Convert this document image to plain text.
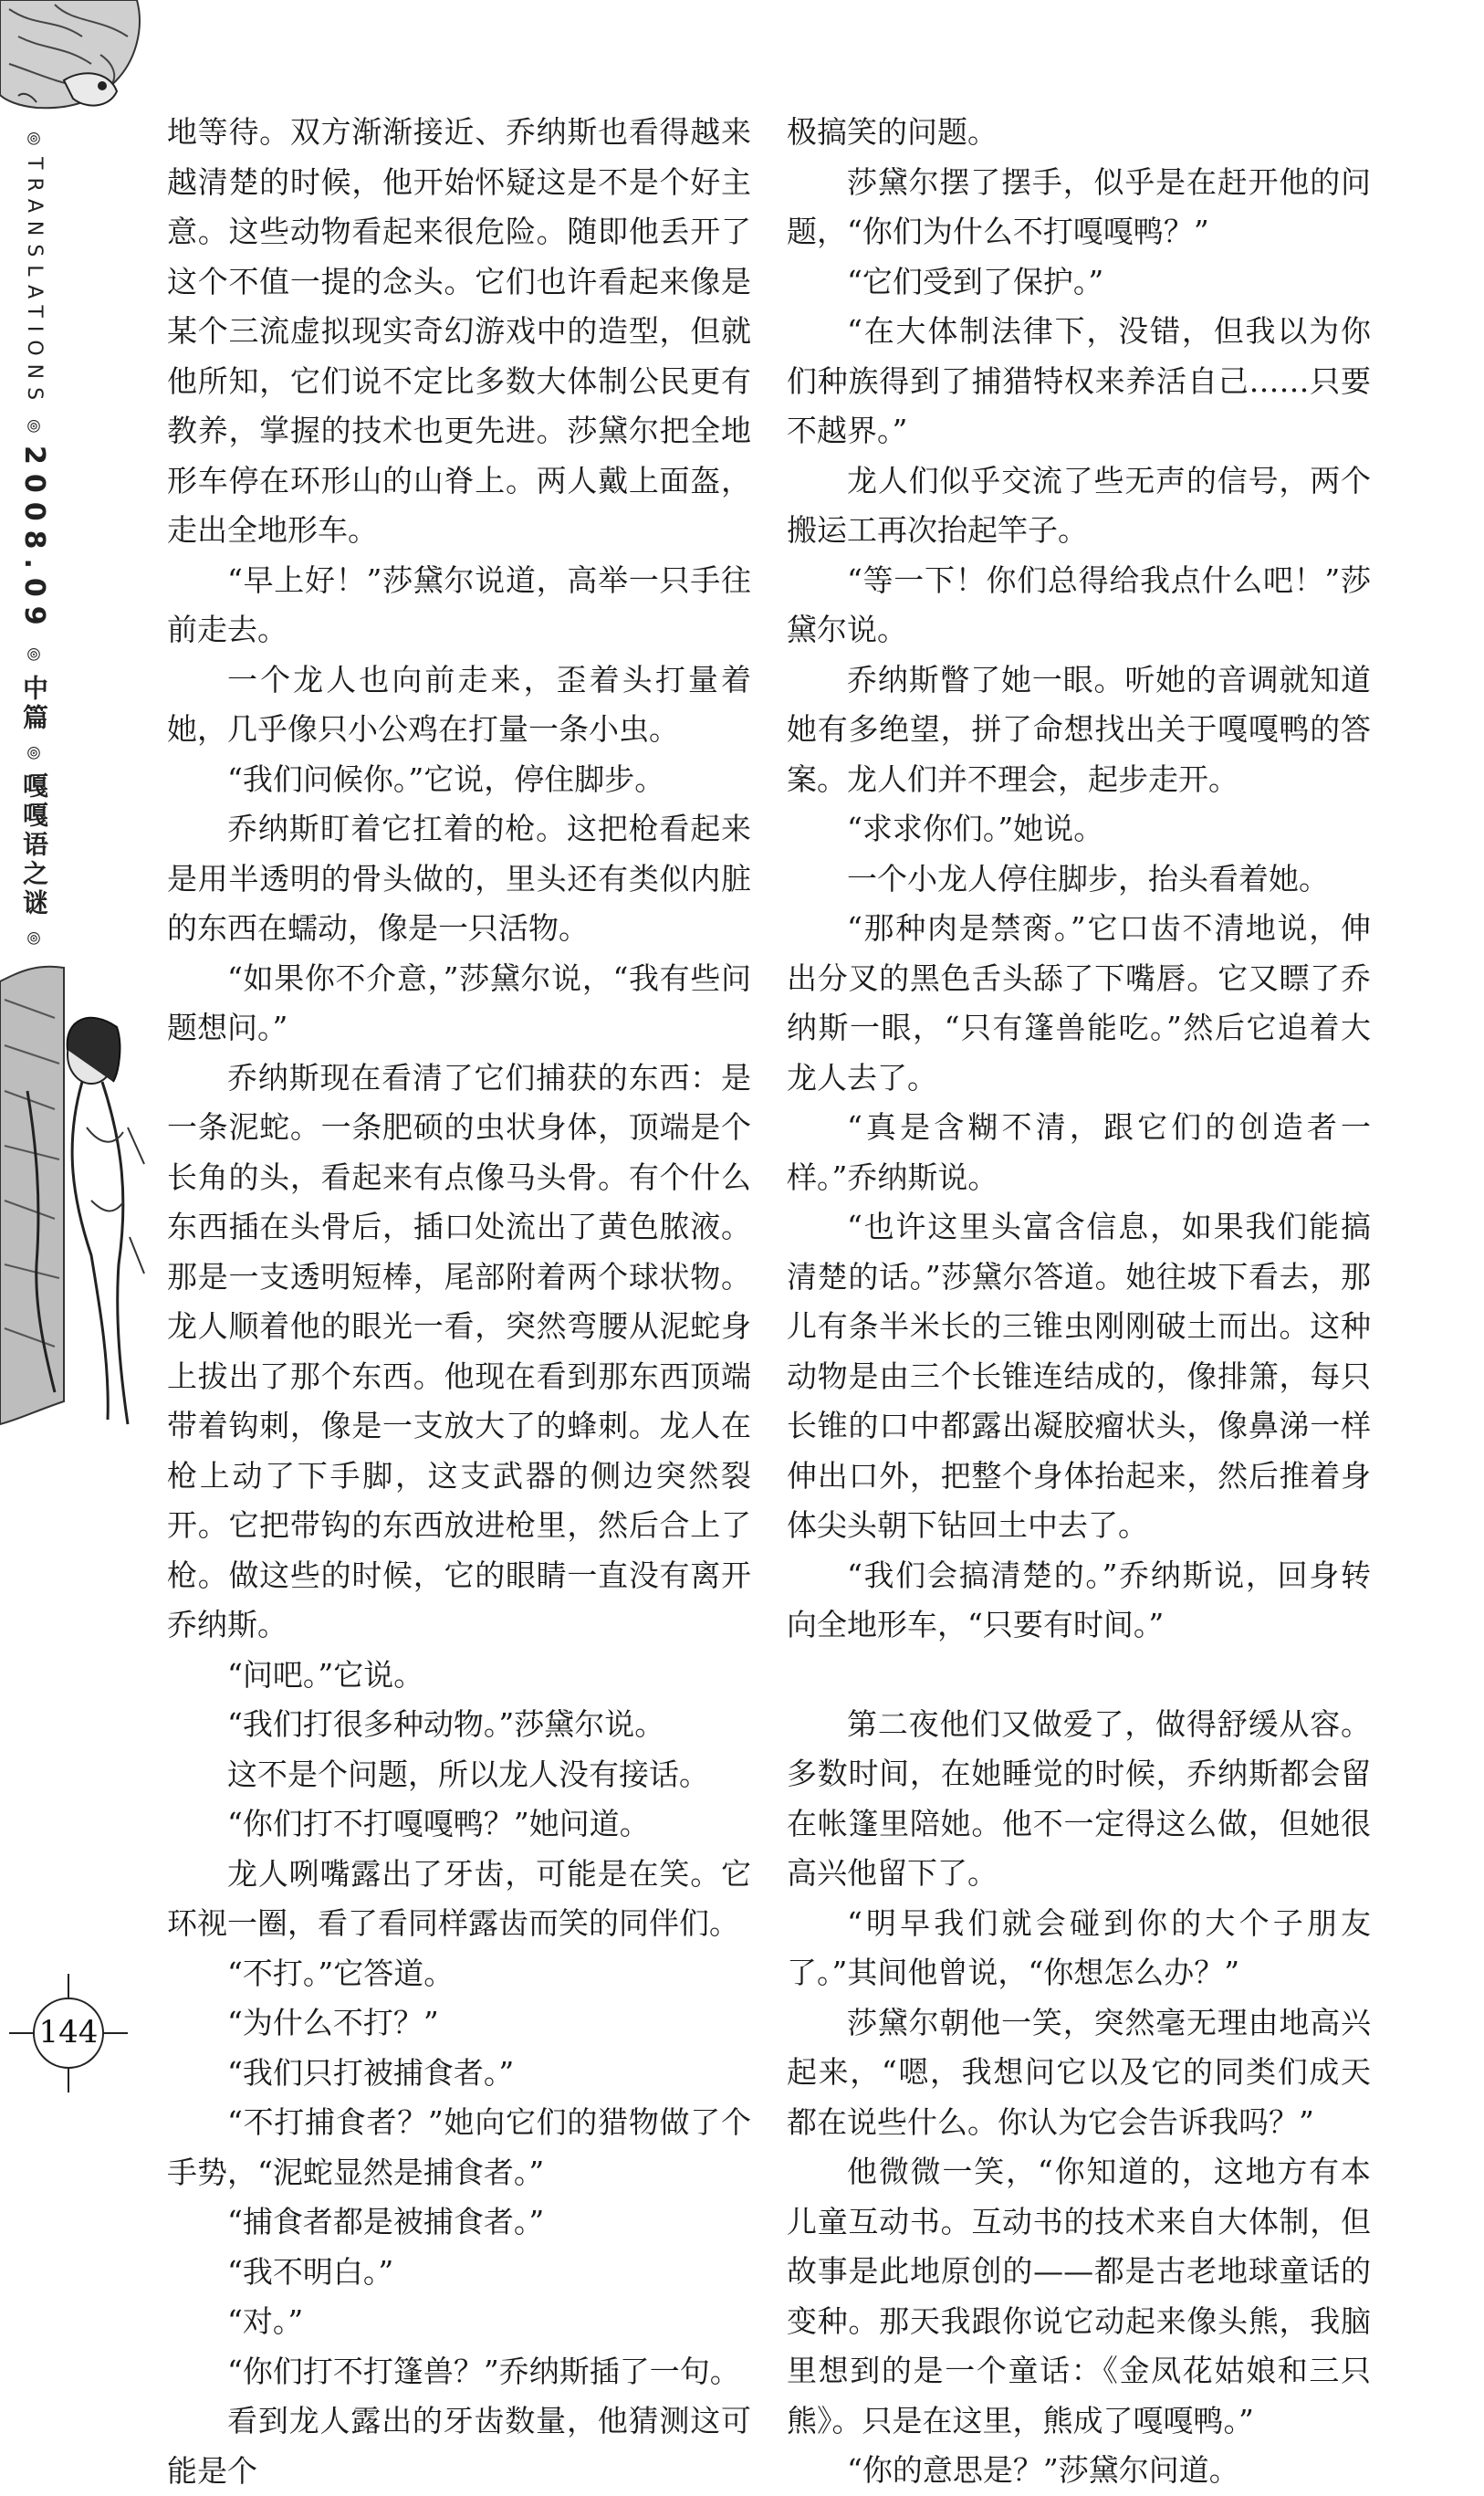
TRANSLATIONS
2008.09
中篇
嘎嘎语之谜

地等待。双方渐渐接近、乔纳斯也看得越来越清楚的时候，他开始怀疑这是不是个好主意。这些动物看起来很危险。随即他丢开了这个不值一提的念头。它们也许看起来像是某个三流虚拟现实奇幻游戏中的造型，但就他所知，它们说不定比多数大体制公民更有教养，掌握的技术也更先进。莎黛尔把全地形车停在环形山的山脊上。两人戴上面盔，走出全地形车。

“早上好！”莎黛尔说道，高举一只手往前走去。

一个龙人也向前走来，歪着头打量着她，几乎像只小公鸡在打量一条小虫。

“我们问候你。”它说，停住脚步。

乔纳斯盯着它扛着的枪。这把枪看起来是用半透明的骨头做的，里头还有类似内脏的东西在蠕动，像是一只活物。

“如果你不介意，”莎黛尔说，“我有些问题想问。”

乔纳斯现在看清了它们捕获的东西：是一条泥蛇。一条肥硕的虫状身体，顶端是个长角的头，看起来有点像马头骨。有个什么东西插在头骨后，插口处流出了黄色脓液。那是一支透明短棒，尾部附着两个球状物。龙人顺着他的眼光一看，突然弯腰从泥蛇身上拔出了那个东西。他现在看到那东西顶端带着钩刺，像是一支放大了的蜂刺。龙人在枪上动了下手脚，这支武器的侧边突然裂开。它把带钩的东西放进枪里，然后合上了枪。做这些的时候，它的眼睛一直没有离开乔纳斯。

“问吧。”它说。

“我们打很多种动物。”莎黛尔说。

这不是个问题，所以龙人没有接话。

“你们打不打嘎嘎鸭？”她问道。

龙人咧嘴露出了牙齿，可能是在笑。它环视一圈，看了看同样露齿而笑的同伴们。

“不打。”它答道。

“为什么不打？”

“我们只打被捕食者。”

“不打捕食者？”她向它们的猎物做了个手势，“泥蛇显然是捕食者。”

“捕食者都是被捕食者。”

“我不明白。”

“对。”

“你们打不打篷兽？”乔纳斯插了一句。

看到龙人露出的牙齿数量，他猜测这可能是个

极搞笑的问题。

莎黛尔摆了摆手，似乎是在赶开他的问题，“你们为什么不打嘎嘎鸭？”

“它们受到了保护。”

“在大体制法律下，没错，但我以为你们种族得到了捕猎特权来养活自己……只要不越界。”

龙人们似乎交流了些无声的信号，两个搬运工再次抬起竿子。

“等一下！你们总得给我点什么吧！”莎黛尔说。

乔纳斯瞥了她一眼。听她的音调就知道她有多绝望，拼了命想找出关于嘎嘎鸭的答案。龙人们并不理会，起步走开。

“求求你们。”她说。

一个小龙人停住脚步，抬头看着她。

“那种肉是禁脔。”它口齿不清地说，伸出分叉的黑色舌头舔了下嘴唇。它又瞟了乔纳斯一眼，“只有篷兽能吃。”然后它追着大龙人去了。

“真是含糊不清，跟它们的创造者一样。”乔纳斯说。

“也许这里头富含信息，如果我们能搞清楚的话。”莎黛尔答道。她往坡下看去，那儿有条半米长的三锥虫刚刚破土而出。这种动物是由三个长锥连结成的，像排箫，每只长锥的口中都露出凝胶瘤状头，像鼻涕一样伸出口外，把整个身体抬起来，然后推着身体尖头朝下钻回土中去了。

“我们会搞清楚的。”乔纳斯说，回身转向全地形车，“只要有时间。”

第二夜他们又做爱了，做得舒缓从容。多数时间，在她睡觉的时候，乔纳斯都会留在帐篷里陪她。他不一定得这么做，但她很高兴他留下了。

“明早我们就会碰到你的大个子朋友了。”其间他曾说，“你想怎么办？”

莎黛尔朝他一笑，突然毫无理由地高兴起来，“嗯，我想问它以及它的同类们成天都在说些什么。你认为它会告诉我吗？”

他微微一笑，“你知道的，这地方有本儿童互动书。互动书的技术来自大体制，但故事是此地原创的——都是古老地球童话的变种。那天我跟你说它动起来像头熊，我脑里想到的是一个童话：《金凤花姑娘和三只熊》。只是在这里，熊成了嘎嘎鸭。”

“你的意思是？”莎黛尔问道。

144
